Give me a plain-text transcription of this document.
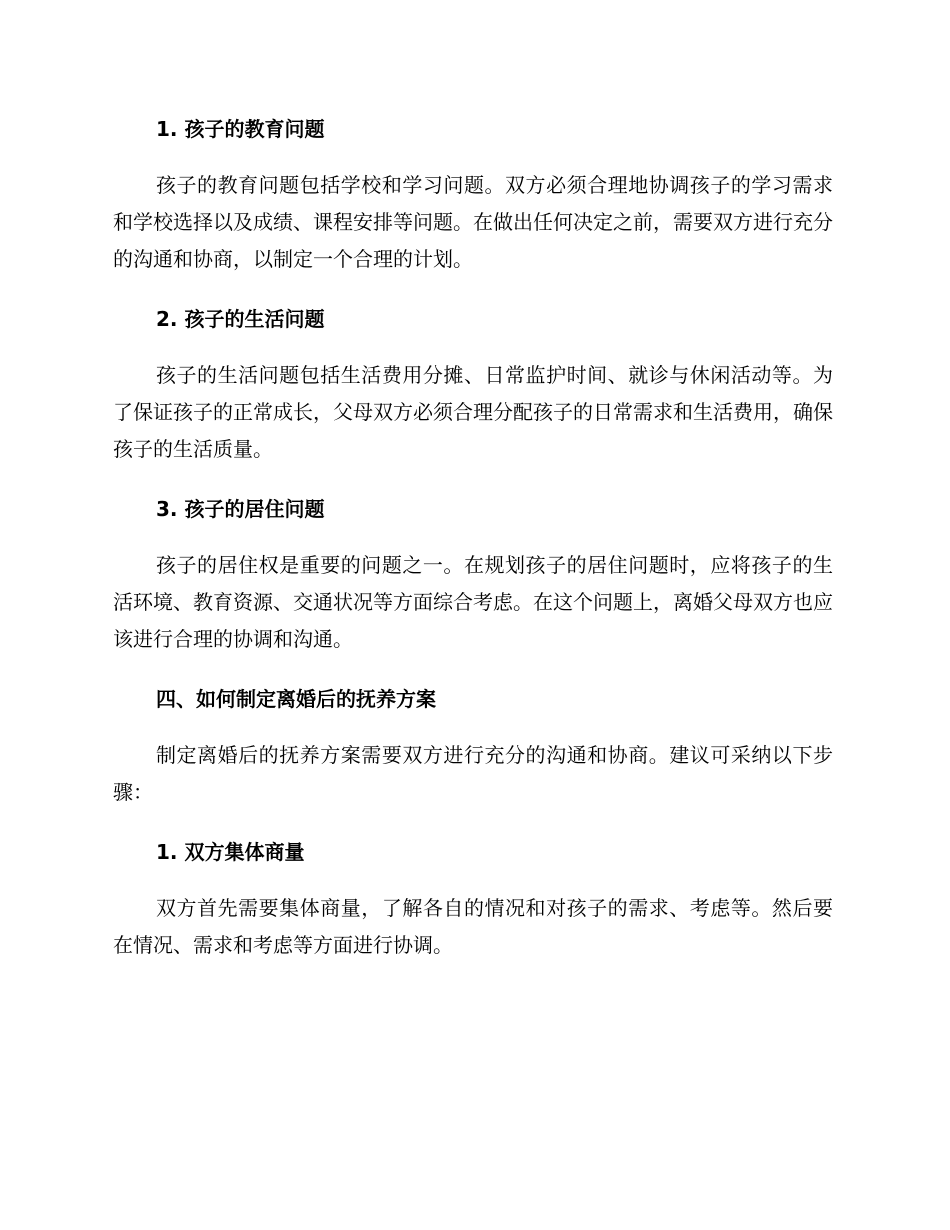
1. 孩子的教育问题

孩子的教育问题包括学校和学习问题。双方必须合理地协调孩子的学习需求和学校选择以及成绩、课程安排等问题。在做出任何决定之前，需要双方进行充分的沟通和协商，以制定一个合理的计划。

2. 孩子的生活问题

孩子的生活问题包括生活费用分摊、日常监护时间、就诊与休闲活动等。为了保证孩子的正常成长，父母双方必须合理分配孩子的日常需求和生活费用，确保孩子的生活质量。

3. 孩子的居住问题

孩子的居住权是重要的问题之一。在规划孩子的居住问题时，应将孩子的生活环境、教育资源、交通状况等方面综合考虑。在这个问题上，离婚父母双方也应该进行合理的协调和沟通。

四、如何制定离婚后的抚养方案

制定离婚后的抚养方案需要双方进行充分的沟通和协商。建议可采纳以下步骤：

1. 双方集体商量

双方首先需要集体商量，了解各自的情况和对孩子的需求、考虑等。然后要在情况、需求和考虑等方面进行协调。
